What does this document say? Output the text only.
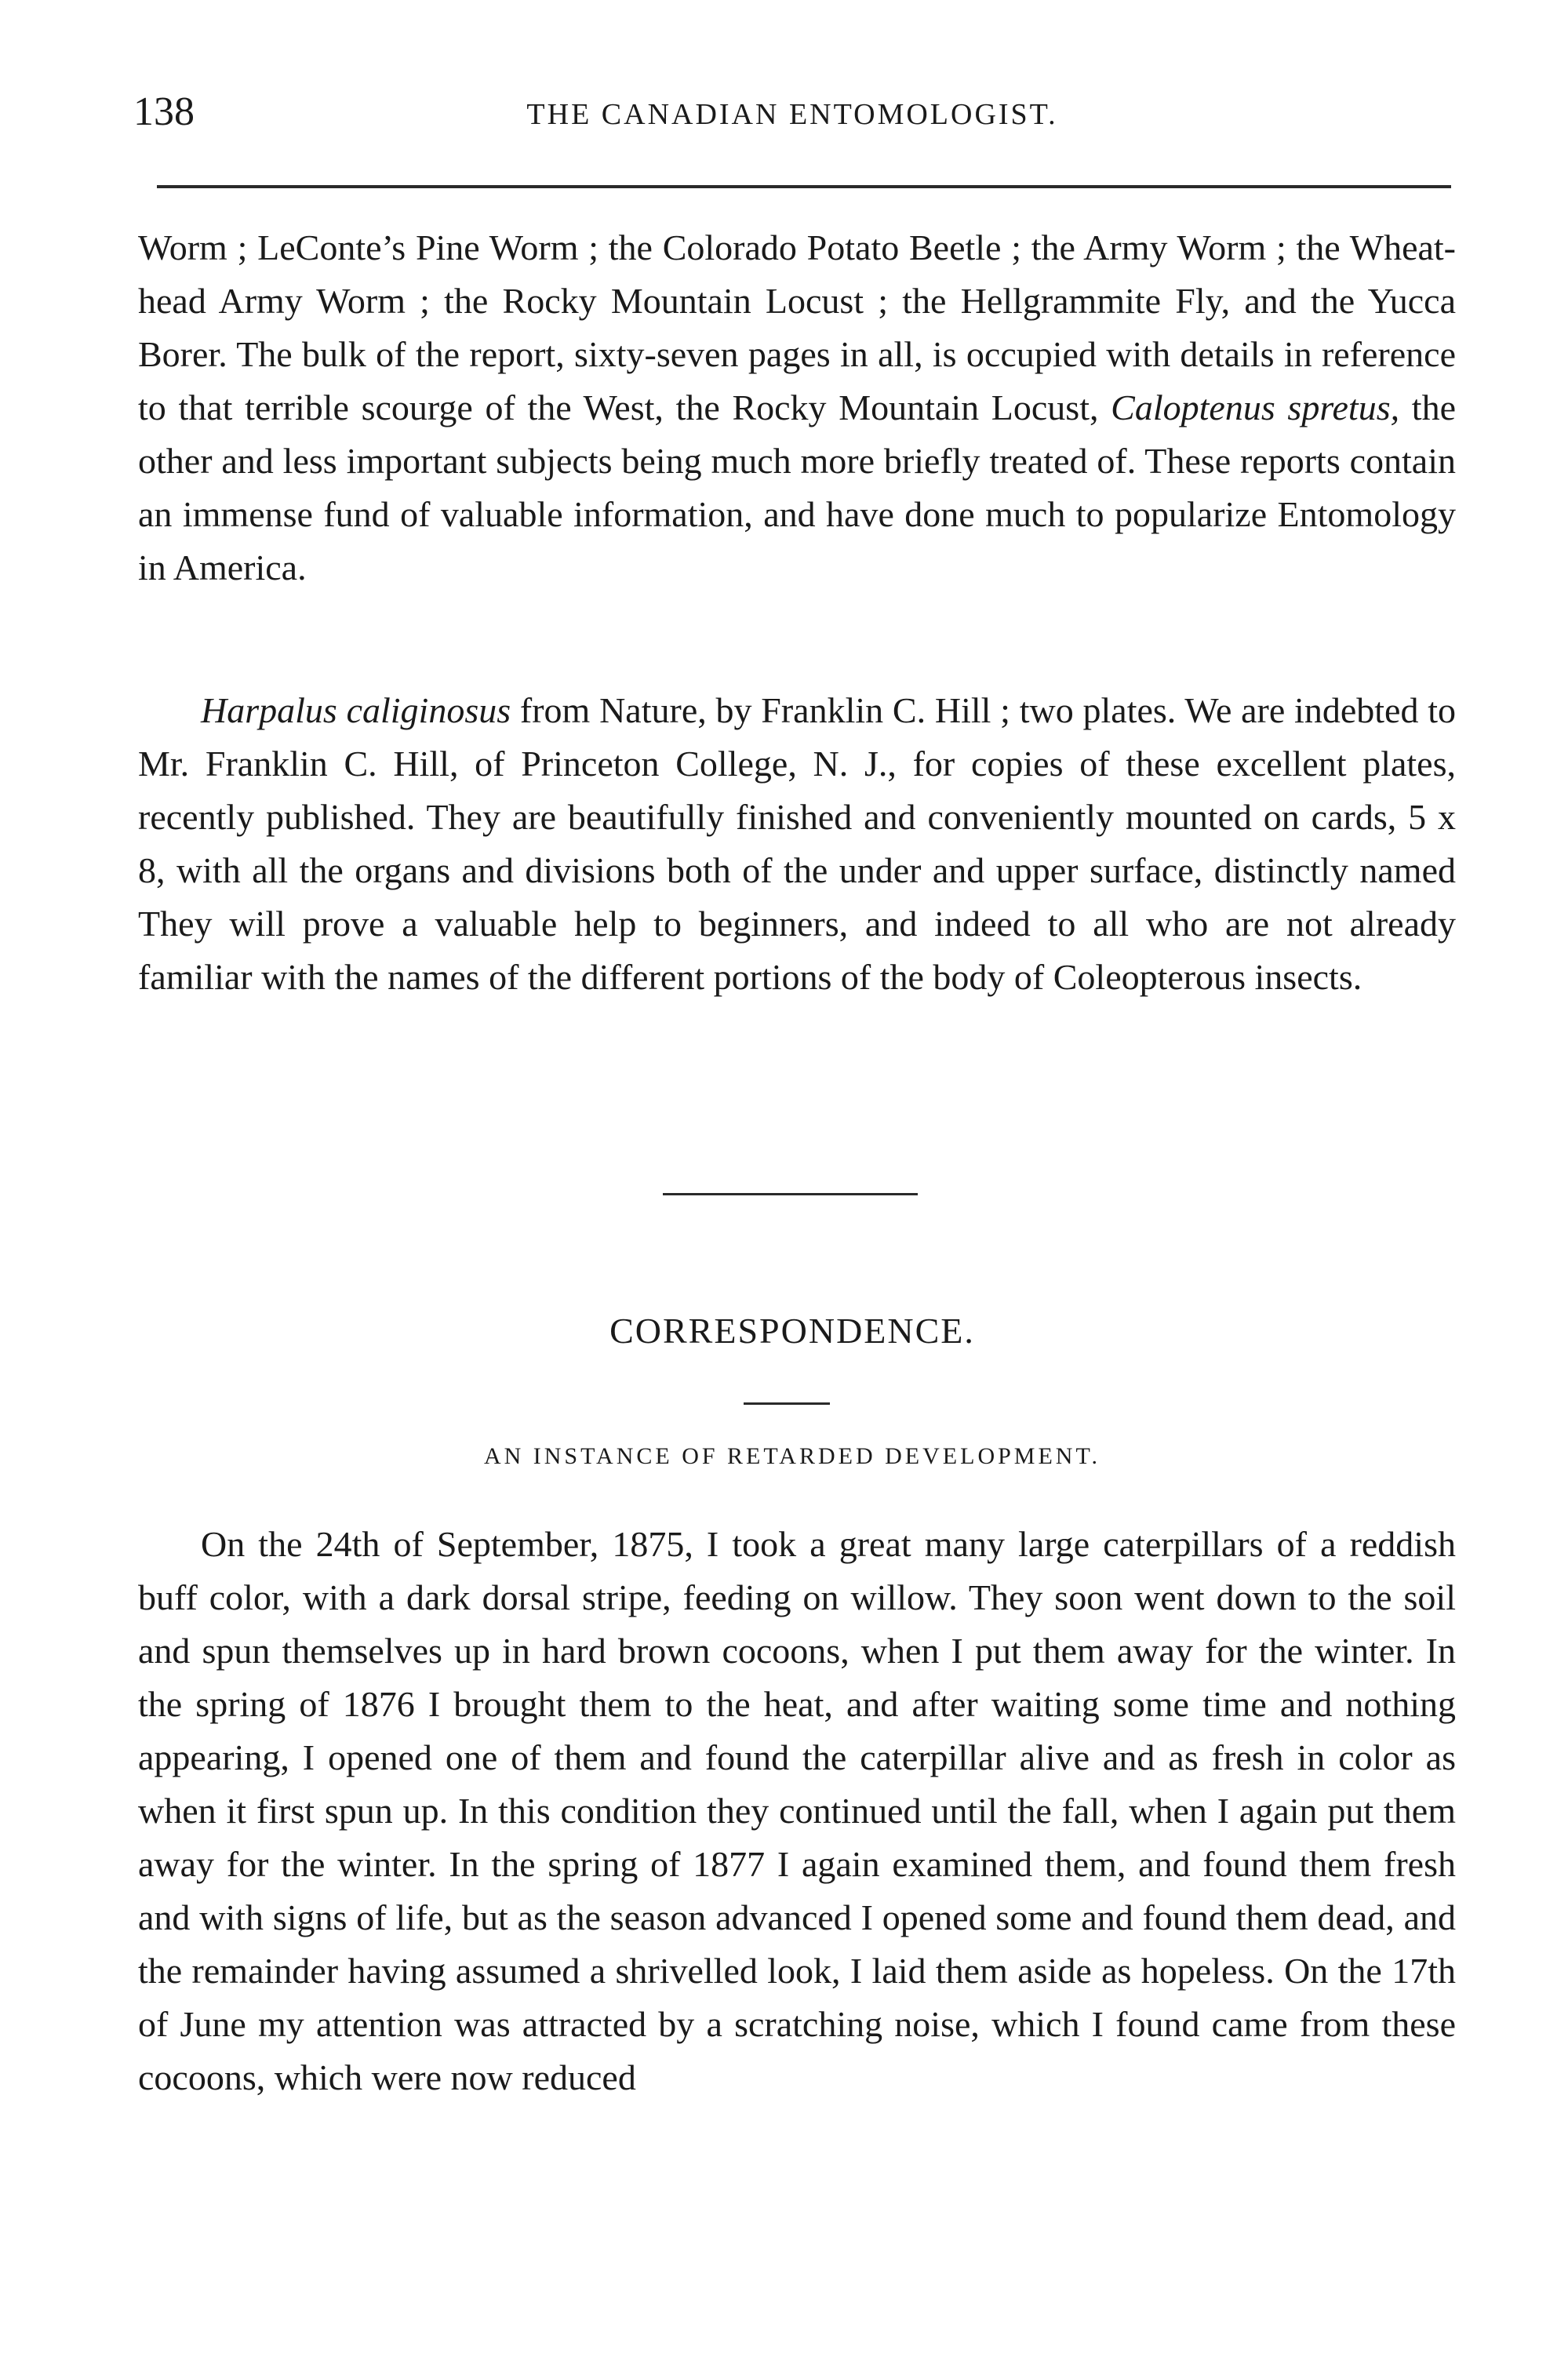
138	THE CANADIAN ENTOMOLOGIST.

Worm ; LeConte’s Pine Worm ; the Colorado Potato Beetle ; the Army Worm ; the Wheat-head Army Worm ; the Rocky Mountain Locust ; the Hellgrammite Fly, and the Yucca Borer. The bulk of the report, sixty-seven pages in all, is occupied with details in reference to that terrible scourge of the West, the Rocky Mountain Locust, Caloptenus spretus, the other and less important subjects being much more briefly treated of. These reports contain an immense fund of valuable information, and have done much to popularize Entomology in America.

Harpalus caliginosus from Nature, by Franklin C. Hill ; two plates. We are indebted to Mr. Franklin C. Hill, of Princeton College, N. J., for copies of these excellent plates, recently published. They are beautifully finished and conveniently mounted on cards, 5 x 8, with all the organs and divisions both of the under and upper surface, distinctly named They will prove a valuable help to beginners, and indeed to all who are not already familiar with the names of the different portions of the body of Coleopterous insects.

CORRESPONDENCE.
AN INSTANCE OF RETARDED DEVELOPMENT.

On the 24th of September, 1875, I took a great many large caterpillars of a reddish buff color, with a dark dorsal stripe, feeding on willow. They soon went down to the soil and spun themselves up in hard brown cocoons, when I put them away for the winter. In the spring of 1876 I brought them to the heat, and after waiting some time and nothing appearing, I opened one of them and found the caterpillar alive and as fresh in color as when it first spun up. In this condition they continued until the fall, when I again put them away for the winter. In the spring of 1877 I again examined them, and found them fresh and with signs of life, but as the season advanced I opened some and found them dead, and the remainder having assumed a shrivelled look, I laid them aside as hopeless. On the 17th of June my attention was attracted by a scratching noise, which I found came from these cocoons, which were now reduced
